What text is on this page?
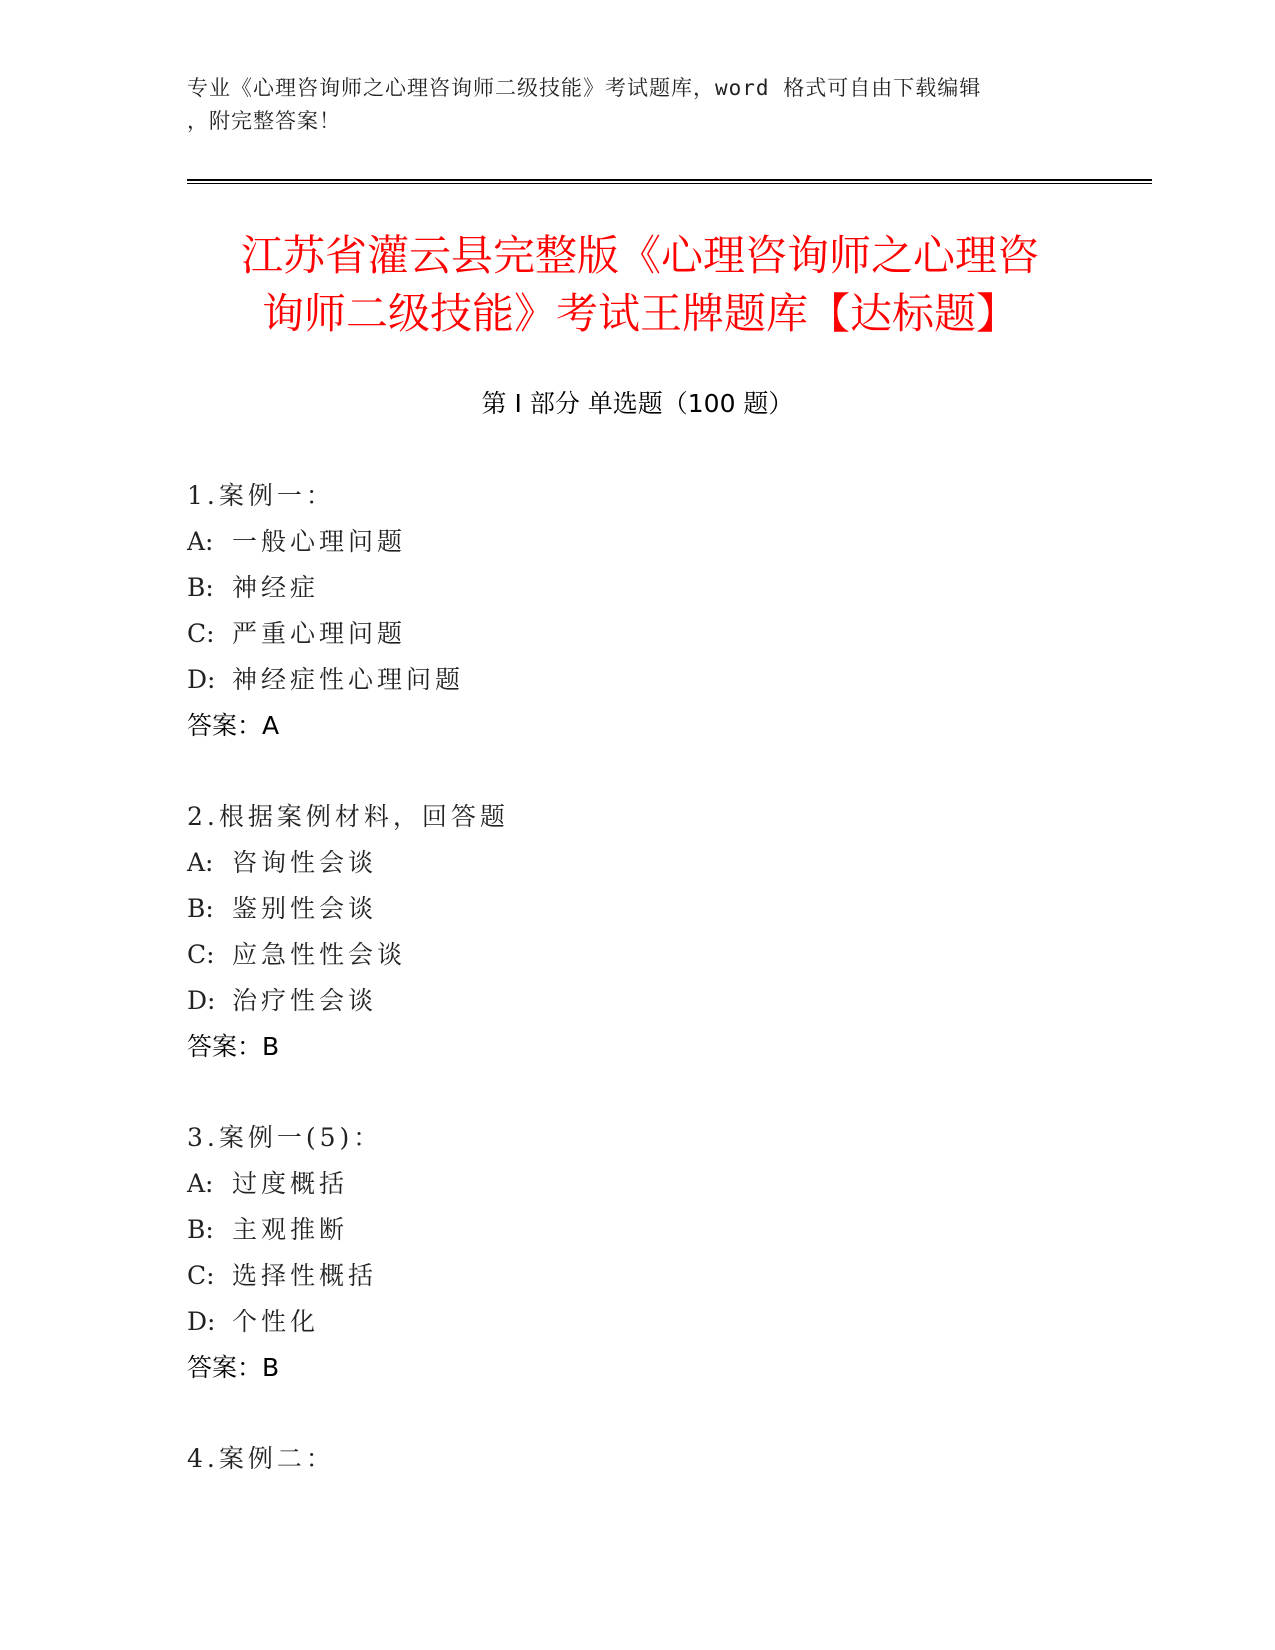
专业《心理咨询师之心理咨询师二级技能》考试题库，word 格式可自由下载编辑
，附完整答案！
江苏省灌云县完整版《心理咨询师之心理咨
询师二级技能》考试王牌题库【达标题】
第 I 部分 单选题（100 题）
1.案例一：
A: 一般心理问题
B: 神经症
C: 严重心理问题
D: 神经症性心理问题
答案：A
2.根据案例材料，回答题
A: 咨询性会谈
B: 鉴别性会谈
C: 应急性性会谈
D: 治疗性会谈
答案：B
3.案例一(5)：
A: 过度概括
B: 主观推断
C: 选择性概括
D: 个性化
答案：B
4.案例二：
